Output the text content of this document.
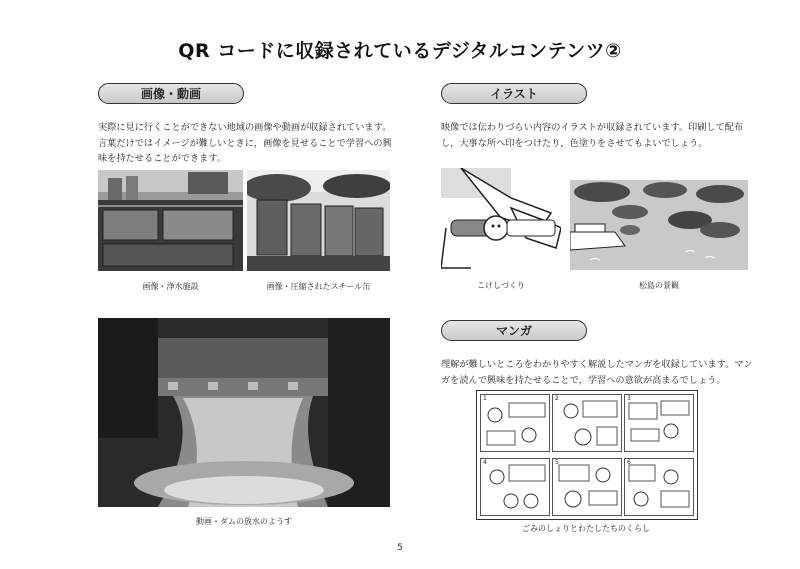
QR コードに収録されているデジタルコンテンツ②
画像・動画
実際に見に行くことができない地域の画像や動画が収録されています。言葉だけではイメージが難しいときに，画像を見せることで学習への興味を持たせることができます。
画像・浄水施設	画像・圧縮されたスチール缶
動画・ダムの放水のようす
イラスト
映像では伝わりづらい内容のイラストが収録されています。印刷して配布し，大事な所へ印をつけたり，色塗りをさせてもよいでしょう。
こけしづくり	松島の景観
マンガ
理解が難しいところをわかりやすく解説したマンガを収録しています。マンガを読んで興味を持たせることで，学習への意欲が高まるでしょう。
1	2	3
4	5	6
ごみのしょりとわたしたちのくらし
5
